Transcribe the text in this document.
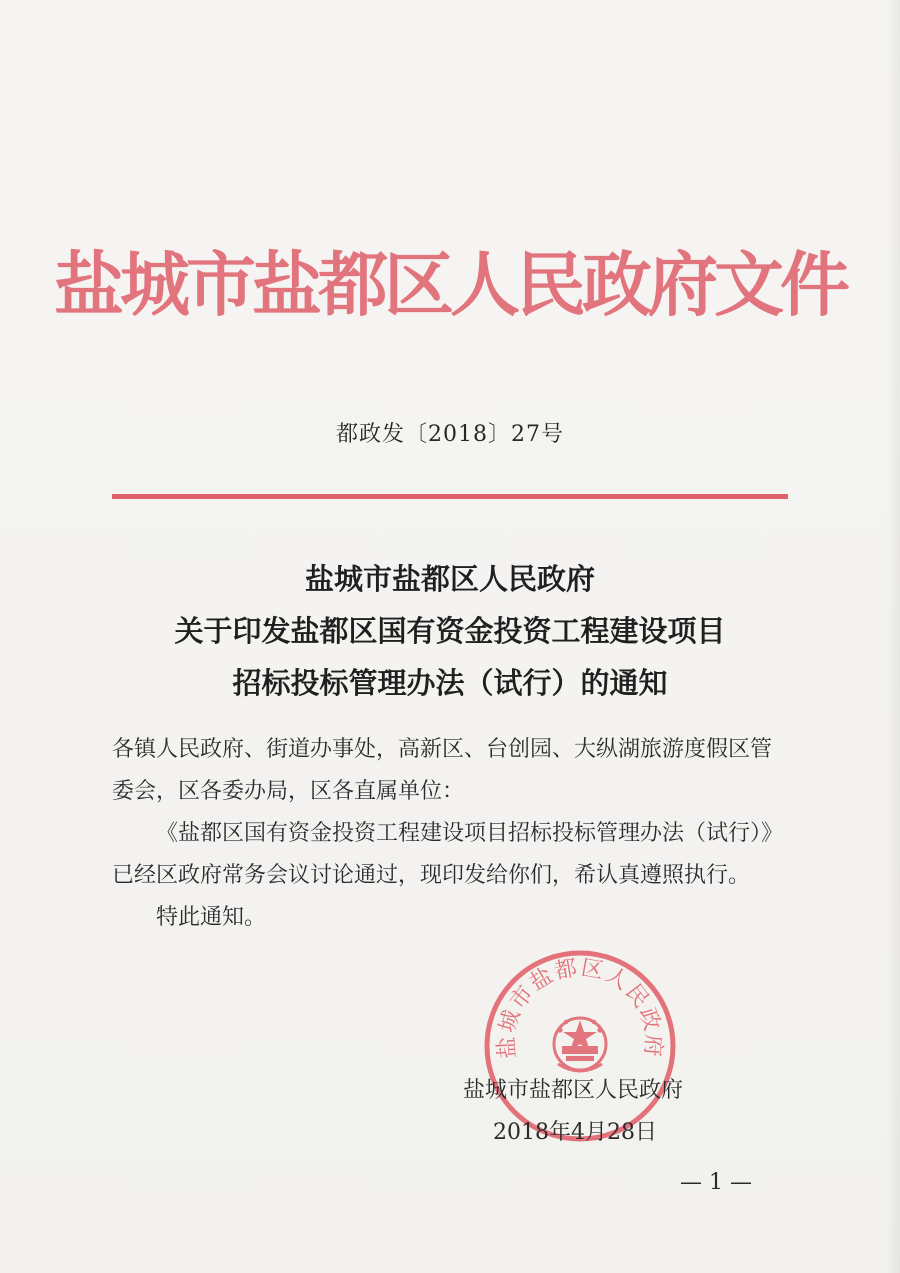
盐城市盐都区人民政府文件
都政发〔2018〕27号
盐城市盐都区人民政府
关于印发盐都区国有资金投资工程建设项目
招标投标管理办法（试行）的通知

各镇人民政府、街道办事处，高新区、台创园、大纵湖旅游度假区管委会，区各委办局，区各直属单位：

《盐都区国有资金投资工程建设项目招标投标管理办法（试行）》已经区政府常务会议讨论通过，现印发给你们，希认真遵照执行。

特此通知。

盐城市盐都区人民政府
盐城市盐都区人民政府
2018年4月28日
— 1 —
